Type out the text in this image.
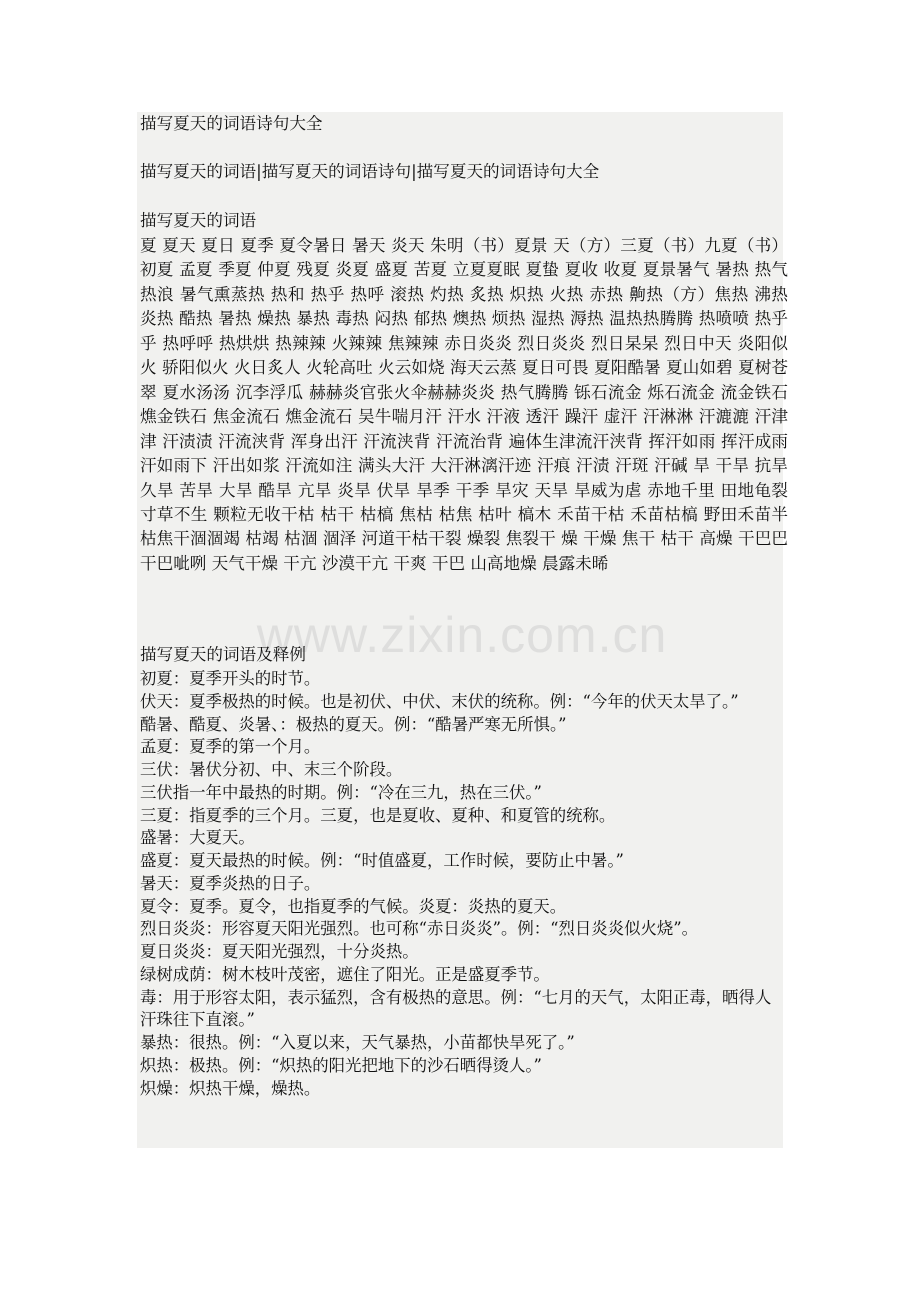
www.zixin.com.cn

描写夏天的词语诗句大全

描写夏天的词语|描写夏天的词语诗句|描写夏天的词语诗句大全

描写夏天的词语

夏 夏天 夏日 夏季 夏令暑日 暑天 炎天 朱明（书）夏景 天（方）三夏（书）九夏（书）初夏 孟夏 季夏 仲夏 残夏 炎夏 盛夏 苦夏 立夏夏眠 夏蛰 夏收 收夏 夏景暑气 暑热 热气 热浪 暑气熏蒸热 热和 热乎 热呼 滚热 灼热 炙热 炽热 火热 赤热 齁热（方）焦热 沸热 炎热 酷热 暑热 燥热 暴热 毒热 闷热 郁热 燠热 烦热 湿热 溽热 温热热腾腾 热喷喷 热乎乎 热呼呼 热烘烘 热辣辣 火辣辣 焦辣辣 赤日炎炎 烈日炎炎 烈日杲杲 烈日中天 炎阳似火 骄阳似火 火日炙人 火轮高吐 火云如烧 海天云蒸 夏日可畏 夏阳酷暑 夏山如碧 夏树苍翠 夏水汤汤 沉李浮瓜 赫赫炎官张火伞赫赫炎炎 热气腾腾 铄石流金 烁石流金 流金铁石 燋金铁石 焦金流石 燋金流石 吴牛喘月汗 汗水 汗液 透汗 躁汗 虚汗 汗淋淋 汗漉漉 汗津津 汗渍渍 汗流浃背 浑身出汗 汗流浃背 汗流治背 遍体生津流汗浃背 挥汗如雨 挥汗成雨 汗如雨下 汗出如浆 汗流如注 满头大汗 大汗淋漓汗迹 汗痕 汗渍 汗斑 汗碱 旱 干旱 抗旱 久旱 苦旱 大旱 酷旱 亢旱 炎旱 伏旱 旱季 干季 旱灾 天旱 旱威为虐 赤地千里 田地龟裂 寸草不生 颗粒无收干枯 枯干 枯槁 焦枯 枯焦 枯叶 槁木 禾苗干枯 禾苗枯槁 野田禾苗半枯焦干涸涸竭 枯竭 枯涸 涸泽 河道干枯干裂 燥裂 焦裂干 燥 干燥 焦干 枯干 高燥 干巴巴 干巴呲咧 天气干燥 干亢 沙漠干亢 干爽 干巴 山高地燥 晨露未晞

描写夏天的词语及释例

初夏：夏季开头的时节。
伏天：夏季极热的时候。也是初伏、中伏、末伏的统称。例：“今年的伏天太旱了。”
酷暑、酷夏、炎暑、：极热的夏天。例：“酷暑严寒无所惧。”
孟夏：夏季的第一个月。
三伏：暑伏分初、中、末三个阶段。
三伏指一年中最热的时期。例：“冷在三九，热在三伏。”
三夏：指夏季的三个月。三夏，也是夏收、夏种、和夏管的统称。
盛暑：大夏天。
盛夏：夏天最热的时候。例：“时值盛夏，工作时候，要防止中暑。”
暑天：夏季炎热的日子。
夏令：夏季。夏令，也指夏季的气候。炎夏：炎热的夏天。
烈日炎炎：形容夏天阳光强烈。也可称“赤日炎炎”。例：“烈日炎炎似火烧”。
夏日炎炎：夏天阳光强烈，十分炎热。
绿树成荫：树木枝叶茂密，遮住了阳光。正是盛夏季节。
毒：用于形容太阳，表示猛烈，含有极热的意思。例：“七月的天气，太阳正毒，晒得人汗珠往下直滚。”
暴热：很热。例：“入夏以来，天气暴热，小苗都快旱死了。”
炽热：极热。例：“炽热的阳光把地下的沙石晒得烫人。”
炽燥：炽热干燥，燥热。
